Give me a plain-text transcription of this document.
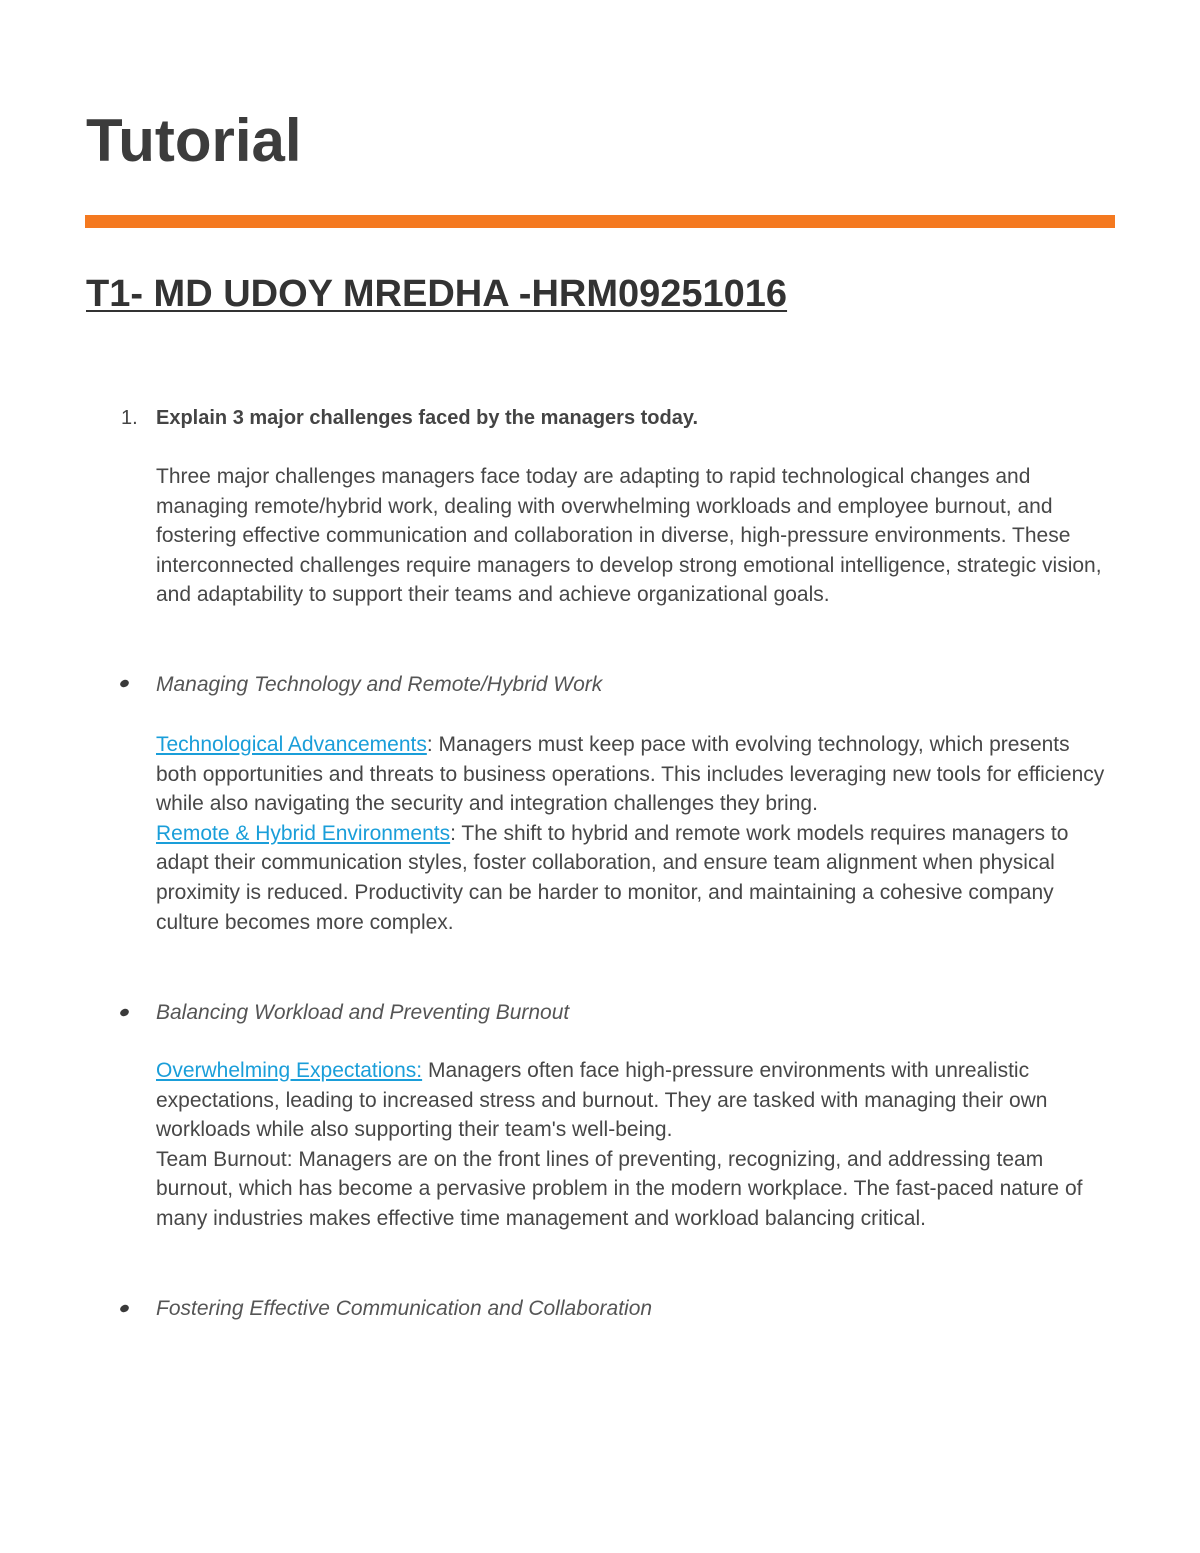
Tutorial
T1- MD UDOY MREDHA -HRM09251016
1. Explain 3 major challenges faced by the managers today.

Three major challenges managers face today are adapting to rapid technological changes and managing remote/hybrid work, dealing with overwhelming workloads and employee burnout, and fostering effective communication and collaboration in diverse, high-pressure environments. These interconnected challenges require managers to develop strong emotional intelligence, strategic vision, and adaptability to support their teams and achieve organizational goals.

Managing Technology and Remote/Hybrid Work

Technological Advancements: Managers must keep pace with evolving technology, which presents both opportunities and threats to business operations. This includes leveraging new tools for efficiency while also navigating the security and integration challenges they bring.
Remote & Hybrid Environments: The shift to hybrid and remote work models requires managers to adapt their communication styles, foster collaboration, and ensure team alignment when physical proximity is reduced. Productivity can be harder to monitor, and maintaining a cohesive company culture becomes more complex.

Balancing Workload and Preventing Burnout

Overwhelming Expectations: Managers often face high-pressure environments with unrealistic expectations, leading to increased stress and burnout. They are tasked with managing their own workloads while also supporting their team's well-being.
Team Burnout: Managers are on the front lines of preventing, recognizing, and addressing team burnout, which has become a pervasive problem in the modern workplace. The fast-paced nature of many industries makes effective time management and workload balancing critical.

Fostering Effective Communication and Collaboration
